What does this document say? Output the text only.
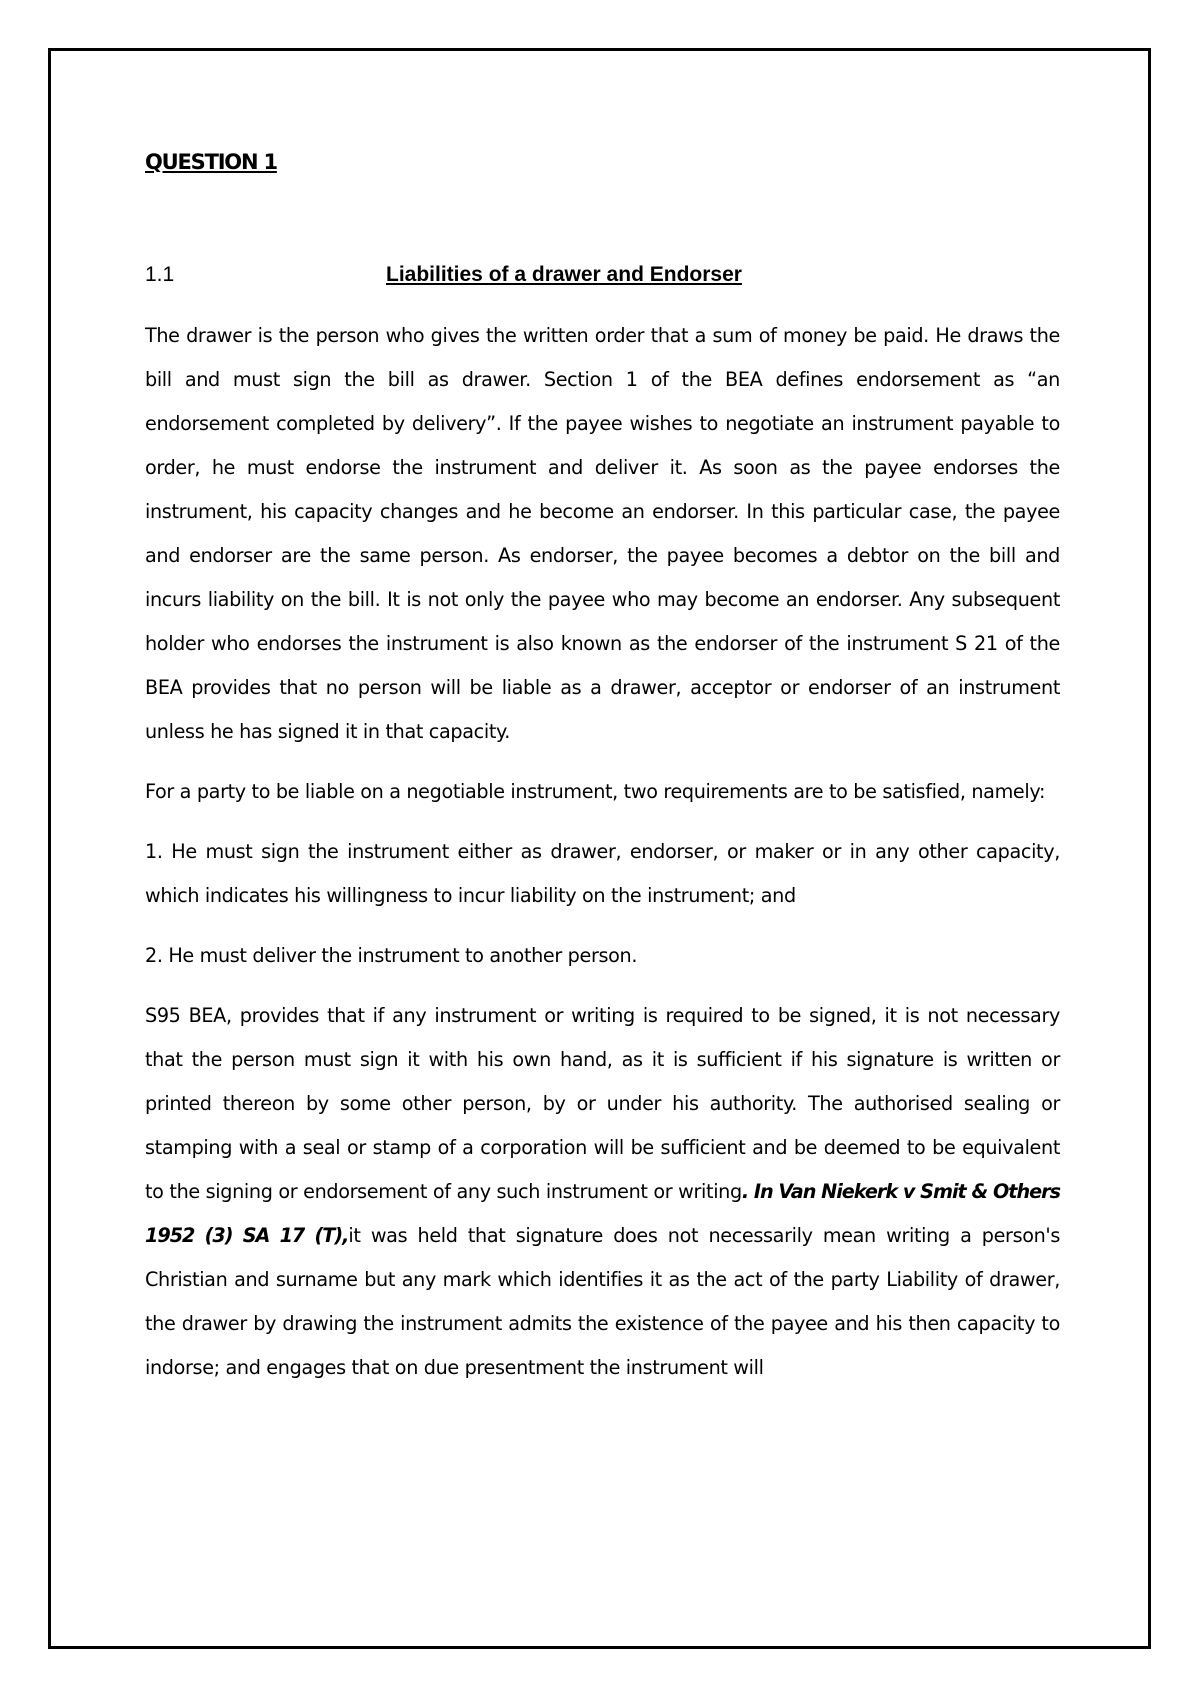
QUESTION 1
1.1	Liabilities of a drawer and Endorser

The drawer is the person who gives the written order that a sum of money be paid. He draws the bill and must sign the bill as drawer. Section 1 of the BEA defines endorsement as “an endorsement completed by delivery”. If the payee wishes to negotiate an instrument payable to order, he must endorse the instrument and deliver it. As soon as the payee endorses the instrument, his capacity changes and he become an endorser. In this particular case, the payee and endorser are the same person. As endorser, the payee becomes a debtor on the bill and incurs liability on the bill. It is not only the payee who may become an endorser. Any subsequent holder who endorses the instrument is also known as the endorser of the instrument S 21 of the BEA provides that no person will be liable as a drawer, acceptor or endorser of an instrument unless he has signed it in that capacity.

For a party to be liable on a negotiable instrument, two requirements are to be satisfied, namely:

1. He must sign the instrument either as drawer, endorser, or maker or in any other capacity, which indicates his willingness to incur liability on the instrument; and

2. He must deliver the instrument to another person.

S95 BEA, provides that if any instrument or writing is required to be signed, it is not necessary that the person must sign it with his own hand, as it is sufficient if his signature is written or printed thereon by some other person, by or under his authority. The authorised sealing or stamping with a seal or stamp of a corporation will be sufficient and be deemed to be equivalent to the signing or endorsement of any such instrument or writing. In Van Niekerk v Smit & Others 1952 (3) SA 17 (T),it was held that signature does not necessarily mean writing a person's Christian and surname but any mark which identifies it as the act of the party Liability of drawer, the drawer by drawing the instrument admits the existence of the payee and his then capacity to indorse; and engages that on due presentment the instrument will
